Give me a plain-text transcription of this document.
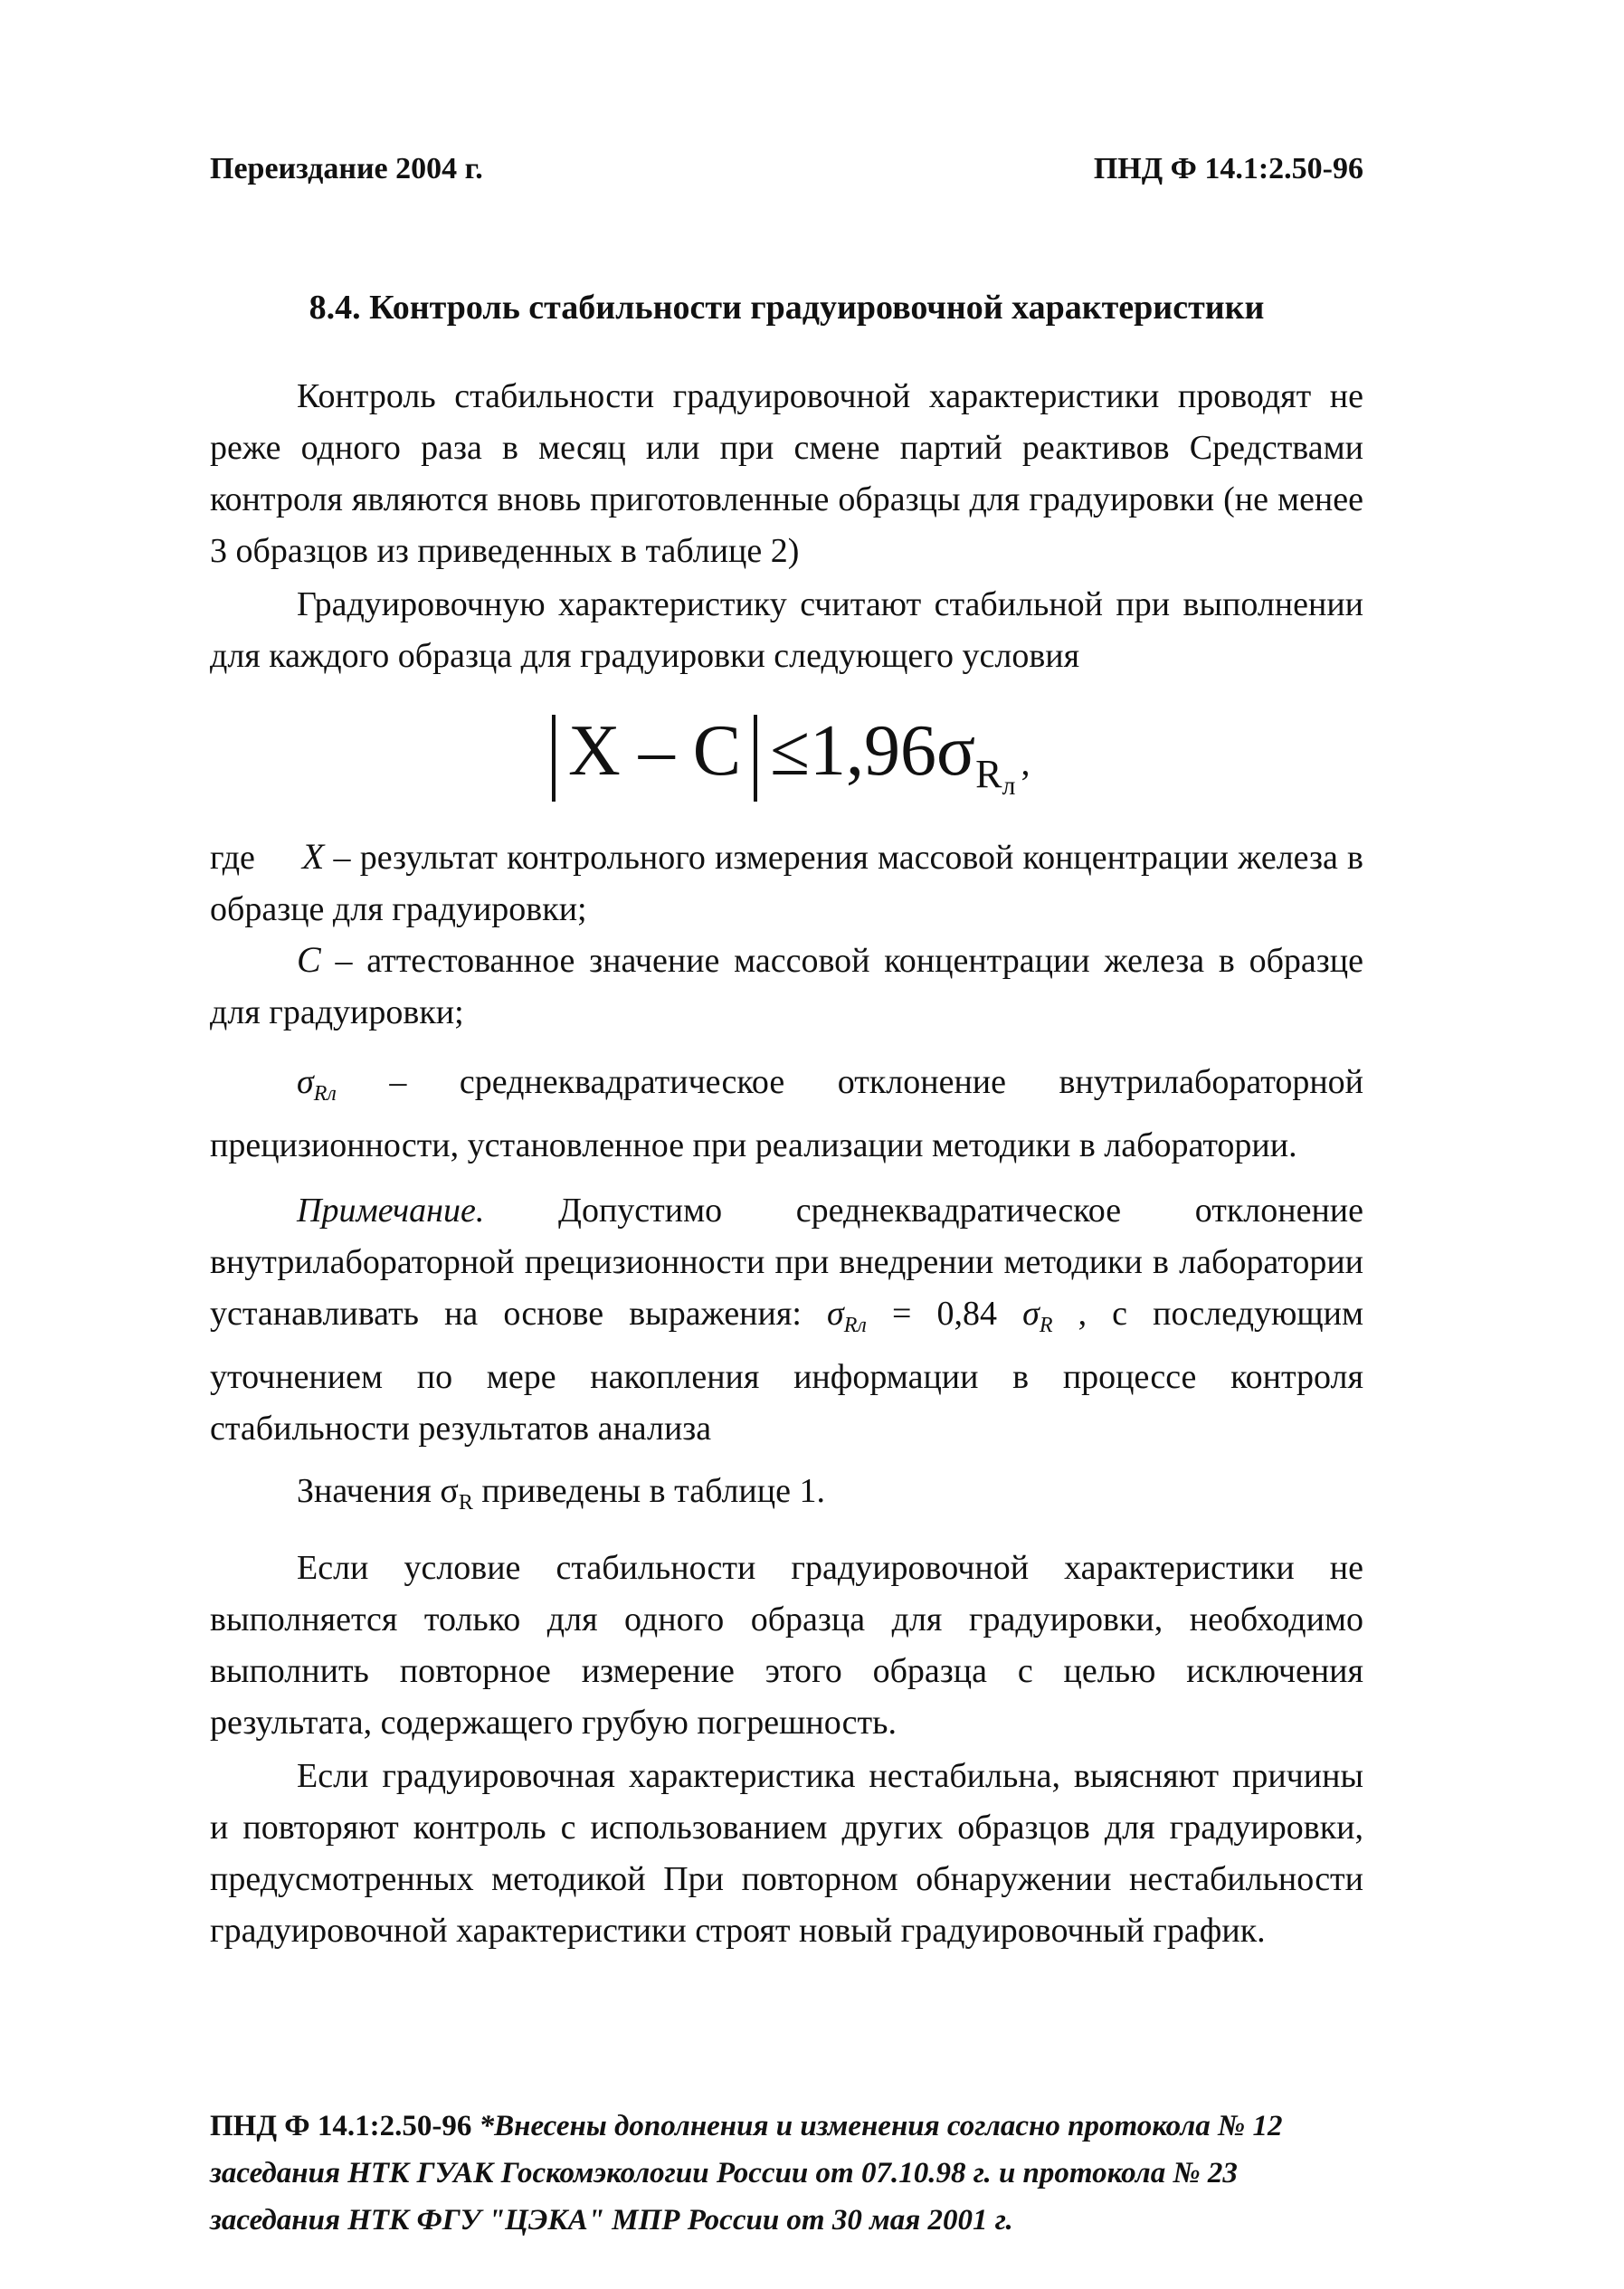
Переиздание 2004 г.	ПНД Ф 14.1:2.50-96
8.4. Контроль стабильности градуировочной характеристики

Контроль стабильности градуировочной характеристики проводят не реже одного раза в месяц или при смене партий реактивов Средствами контроля являются вновь приготовленные образцы для градуировки (не менее 3 образцов из приведенных в таблице 2)

Градуировочную характеристику считают стабильной при выполнении для каждого образца для градуировки следующего условия

$X - C \le 1,96\sigma_{Rл}$,

где X – результат контрольного измерения массовой концентрации железа в образце для градуировки;

C – аттестованное значение массовой концентрации железа в образце для градуировки;

$\sigma_{Rл}$ – среднеквадратическое отклонение внутрилабораторной прецизионности, установленное при реализации методики в лаборатории.

Примечание. Допустимо среднеквадратическое отклонение внутрилабораторной прецизионности при внедрении методики в лаборатории устанавливать на основе выражения: $\sigma_{Rл} = 0,84$ $\sigma_R$ , с последующим уточнением по мере накопления информации в процессе контроля стабильности результатов анализа

Значения $\sigma_R$ приведены в таблице 1.

Если условие стабильности градуировочной характеристики не выполняется только для одного образца для градуировки, необходимо выполнить повторное измерение этого образца с целью исключения результата, содержащего грубую погрешность.

Если градуировочная характеристика нестабильна, выясняют причины и повторяют контроль с использованием других образцов для градуировки, предусмотренных методикой При повторном обнаружении нестабильности градуировочной характеристики строят новый градуировочный график.

ПНД Ф 14.1:2.50-96 *Внесены дополнения и изменения согласно протокола № 12 заседания НТК ГУАК Госкомэкологии России от 07.10.98 г. и протокола № 23 заседания НТК ФГУ "ЦЭКА" МПР России от 30 мая 2001 г.
